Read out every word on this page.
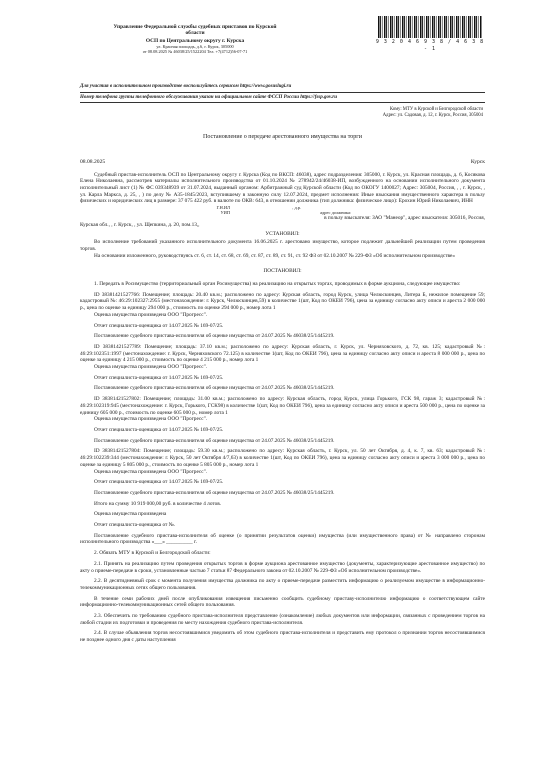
Управление Федеральной службы судебных приставов по Курской
области
ОСП по Центральному округу г. Курска
ул. Красная площадь, д.6, г. Курск, 305000
от 08.08.2025 № 46038/25/1522204 Тел. +7(4712)56-07-71
9 3 2 0 4 6 9 3 8 / 4 6 3 8 - 1
Для участия в исполнительном производстве воспользуйтесь сервисом https://www.gosuslugi.ru
Номер телефона группы телефонного обслуживания указан на официальном сайте ФССП России https://fssp.gov.ru
Кому: МТУ в Курской и Белгородской области
Адрес: ул. Садовая, д. 12, г. Курск, Россия, 305004
Постановление о передаче арестованного имущества на торги
08.08.2025	Курск

Судебный пристав-исполнитель ОСП по Центральному округу г. Курска (Код по ВКСП: 46038), адрес подразделения: 305000, г. Курск, ул. Красная площадь, д. 6, Косякова Елена Николаевна, рассмотрев материалы исполнительного производства от 01.10.2024 № 278942/24/46038-ИП, возбужденного на основании исполнительного документа исполнительный лист (1) № ФС 039348939 от 31.07.2024, выданный органом: Арбитражный суд Курской области (Код по ОКОГУ 1400027; Адрес: 305004, Россия, , , г. Курск, , ул. Карла Маркса, д. 25, , ) по делу № А35-1845/2023, вступившему в законную силу 12.07.2024, предмет исполнения: Иные взыскания имущественного характера в пользу физических и юридических лиц в размере: 37 075 422 руб. в валюте по ОКВ: 643, в отношении должника (тип должника: физическое лицо): Ерохин Юрий Николаевич, ИНН

Г.Н.ИЛ	, д.р.
УИП	адрес должника:

в пользу взыскателя: ЗАО "Манеор", адрес взыскателя: 305016, Россия,

Курская обл., , г. Курск, , ул. Щепкина, д. 20, пом.13,,

УСТАНОВИЛ:

Во исполнение требований указанного исполнительного документа 16.06.2025 г. арестовано имущество, которое подлежит дальнейшей реализации путем проведения торгов.

На основании изложенного, руководствуясь ст. 6, ст. 14, ст. 68, ст. 69, ст. 87, ст. 89, ст. 91, ст. 92 ФЗ от 02.10.2007 № 229-ФЗ «Об исполнительном производстве»

ПОСТАНОВИЛ:

1. Передать в Росимущество (территориальный орган Росимущества) на реализацию на открытых торгах, проводимых в форме аукциона, следующее имущество:

ID 38381421527766: Помещение; площадь: 20.40 кв.м.; расположено по адресу: Курская область, город Курск, улица Челюскинцев, Литера Б, нежилое помещение 59; кадастровый №: 46:29:102327:2955 (местонахождение: г. Курск, Челюскинцев,59) в количестве 1(шт, Код по ОКЕИ 796), цена за единицу согласно акту описи и ареста 2 000 000 р., цена по оценке за единицу 294 000 р., стоимость по оценке 294 000 р., номер лота 1

Оценка имущества произведена ООО "Прогресс".

Отчет специалиста-оценщика от 14.07.2025 № 169-07/25.

Постановление судебного пристава-исполнителя об оценке имущества от 24.07.2025 № 46038/25/1445219.

ID 38381421527789: Помещение; площадь: 37.10 кв.м.; расположено по адресу: Курская область, г. Курск, ул. Черняховского, д. 72, кв. 125; кадастровый №: 46:29:102351:1997 (местонахождение: г. Курск, Черняховского 72.125) в количестве 1(шт, Код по ОКЕИ 796), цена за единицу согласно акту описи и ареста 8 000 000 р., цена по оценке за единицу 4 215 000 р., стоимость по оценке 4 215 000 р., номер лота 1

Оценка имущества произведена ООО "Прогресс".

Отчет специалиста-оценщика от 14.07.2025 № 169-07/25.

Постановление судебного пристава-исполнителя об оценке имущества от 24.07.2025 № 46038/25/1445219.

ID 38381421527802: Помещение; площадь: 31.00 кв.м.; расположено по адресу: Курская область, город Курск, улица Горького, ГСК 98, гараж 3; кадастровый №: 46:29:102319:945 (местонахождение: г. Курск, Горького, ГСК98) в количестве 1(шт, Код по ОКЕИ 796), цена за единицу согласно акту описи и ареста 500 000 р., цена по оценке за единицу 605 000 р., стоимость по оценке 605 000 р., номер лота 1

Оценка имущества произведена ООО "Прогресс".

Отчет специалиста-оценщика от 14.07.2025 № 169-07/25.

Постановление судебного пристава-исполнителя об оценке имущества от 24.07.2025 № 46038/25/1445219.

ID 38381421527804: Помещение; площадь: 59.30 кв.м.; расположено по адресу: Курская область, г. Курск, ул. 50 лет Октября, д. 4, к. 7, кв. 63; кадастровый №: 46:29:102239:344 (местонахождение: г. Курск, 50 лет Октября 4/7,63) в количестве 1(шт, Код по ОКЕИ 796), цена за единицу согласно акту описи и ареста 3 000 000 р., цена по оценке за единицу 5 805 000 р., стоимость по оценке 5 805 000 р., номер лота 1

Оценка имущества произведена ООО "Прогресс".

Отчет специалиста-оценщика от 14.07.2025 № 169-07/25.

Постановление судебного пристава-исполнителя об оценке имущества от 24.07.2025 № 46038/25/1445219.

Итого на сумму 10 919 000,00 руб. в количестве 4 лотов.

Оценка имущества произведена

Отчет специалиста-оценщика от №.

Постановление судебного пристава-исполнителя об оценке (о принятии результатов оценки) имущества (или имущественного права) от № направлено сторонам исполнительного производства «___» __________ г.

2. Обязать МТУ в Курской и Белгородской области:

2.1. Принять на реализацию путем проведения открытых торгов в форме аукциона арестованное имущество (документы, характеризующие арестованное имущество) по акту о приеме-передаче в сроки, установленные частью 7 статьи 87 Федерального закона от 02.10.2007 № 229-ФЗ «Об исполнительном производстве».

2.2. В десятидневный срок с момента получения имущества должника по акту о приеме-передаче разместить информацию о реализуемом имуществе в информационно-телекоммуникационных сетях общего пользования.

В течение семи рабочих дней после опубликования извещения письменно сообщить судебному приставу-исполнителю информацию о соответствующем сайте информационно-телекоммуникационных сетей общего пользования.

2.3. Обеспечить по требованию судебного пристава-исполнителя представление (ознакомление) любых документов или информации, связанных с проведением торгов на любой стадии их подготовки и проведения по месту нахождения судебного пристава-исполнителя.

2.4. В случае объявления торгов несостоявшимися уведомить об этом судебного пристава-исполнителя и представить ему протокол о признании торгов несостоявшимися не позднее одного дня с даты наступления
